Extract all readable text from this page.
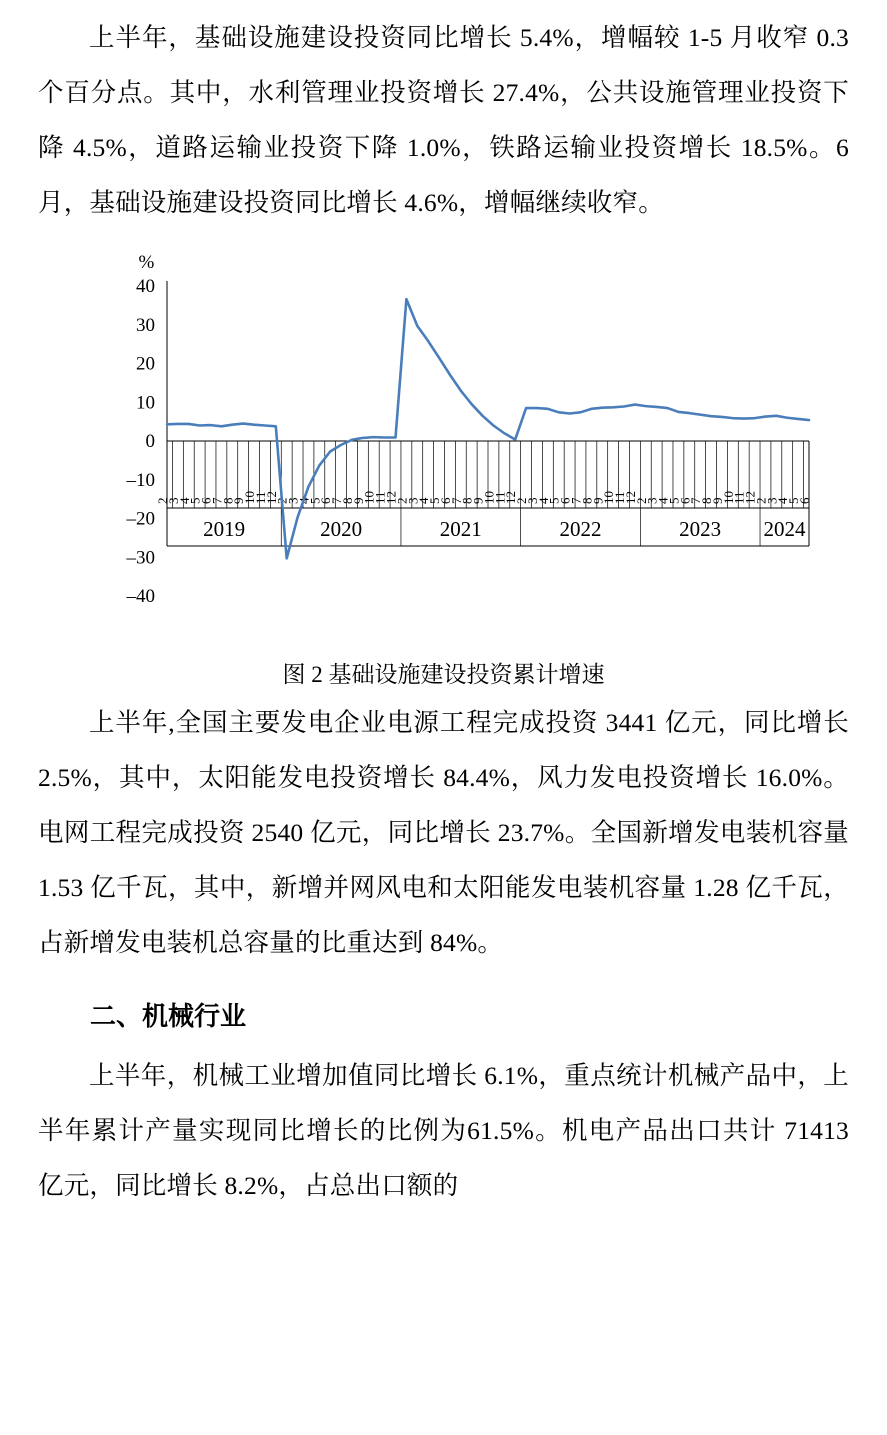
上半年，基础设施建设投资同比增长 5.4%，增幅较 1-5 月收窄 0.3 个百分点。其中，水利管理业投资增长 27.4%，公共设施管理业投资下降 4.5%，道路运输业投资下降 1.0%，铁路运输业投资增长 18.5%。6 月，基础设施建设投资同比增长 4.6%，增幅继续收窄。

%
40
30
20
10
0
–10
–20
–30
–40
2
3
4
5
6
7
8
9
10
11
12
2
3
4
5
6
7
8
9
10
11
12
2
3
4
5
6
7
8
9
10
11
12
2
3
4
5
6
7
8
9
10
11
12
2
3
4
5
6
7
8
9
10
11
12
2
3
4
5
6
2019	2020	2021	2022	2023 2024
图 2 基础设施建设投资累计增速

上半年,全国主要发电企业电源工程完成投资 3441 亿元，同比增长 2.5%，其中，太阳能发电投资增长 84.4%，风力发电投资增长 16.0%。电网工程完成投资 2540 亿元，同比增长 23.7%。全国新增发电装机容量 1.53 亿千瓦，其中，新增并网风电和太阳能发电装机容量 1.28 亿千瓦，占新增发电装机总容量的比重达到 84%。

二、机械行业

上半年，机械工业增加值同比增长 6.1%，重点统计机械产品中，上半年累计产量实现同比增长的比例为61.5%。机电产品出口共计 71413 亿元，同比增长 8.2%，占总出口额的
